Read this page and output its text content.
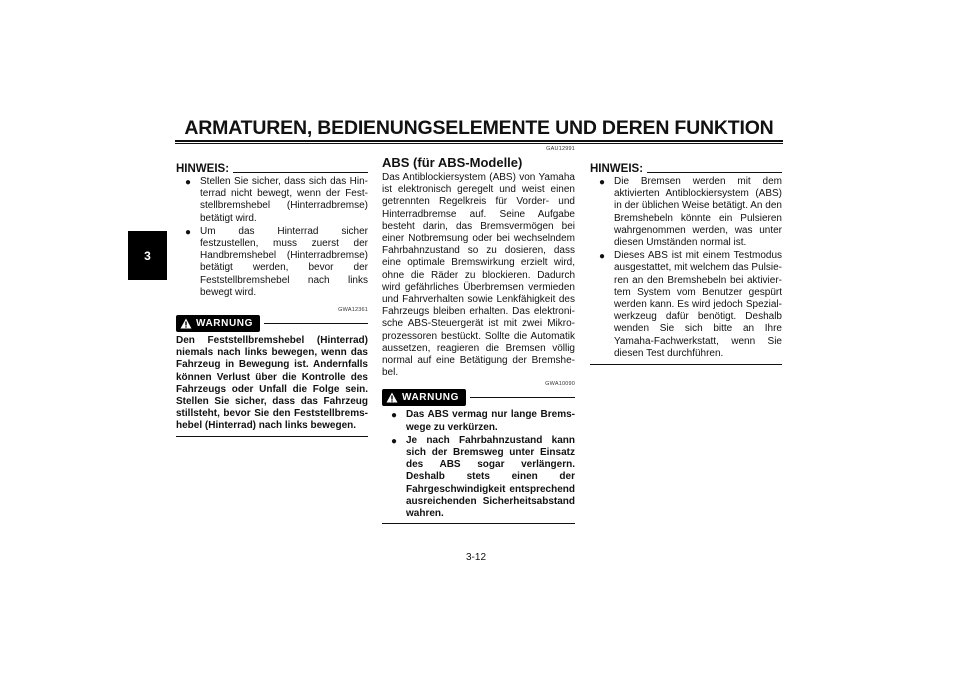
ARMATUREN, BEDIENUNGSELEMENTE UND DEREN FUNKTION
3
HINWEIS:
● Stellen Sie sicher, dass sich das Hinterrad nicht bewegt, wenn der Feststellbremshebel (Hinterradbremse) betätigt wird.
● Um das Hinterrad sicher festzustellen, muss zuerst der Handbremshebel (Hinterradbremse) betätigt werden, bevor der Feststellbremshebel nach links bewegt wird.
GWA12361
WARNUNG
Den Feststellbremshebel (Hinterrad) niemals nach links bewegen, wenn das Fahrzeug in Bewegung ist. Andernfalls können Verlust über die Kontrolle des Fahrzeugs oder Unfall die Folge sein. Stellen Sie sicher, dass das Fahrzeug stillsteht, bevor Sie den Feststellbremshebel (Hinterrad) nach links bewegen.
GAU12991
ABS (für ABS-Modelle)
Das Antiblockiersystem (ABS) von Yamaha ist elektronisch geregelt und weist einen getrennten Regelkreis für Vorder- und Hinterradbremse auf. Seine Aufgabe besteht darin, das Bremsvermögen bei einer Notbremsung oder bei wechselndem Fahrbahnzustand so zu dosieren, dass eine optimale Bremswirkung erzielt wird, ohne die Räder zu blockieren. Dadurch wird gefährliches Überbremsen vermieden und Fahrverhalten sowie Lenkfähigkeit des Fahrzeugs bleiben erhalten. Das elektronische ABS-Steuergerät ist mit zwei Mikroprozessoren bestückt. Sollte die Automatik aussetzen, reagieren die Bremsen völlig normal auf eine Betätigung der Bremshebel.
GWA10090
WARNUNG
● Das ABS vermag nur lange Bremswege zu verkürzen.
● Je nach Fahrbahnzustand kann sich der Bremsweg unter Einsatz des ABS sogar verlängern. Deshalb stets einen der Fahrgeschwindigkeit entsprechend ausreichenden Sicherheitsabstand wahren.
HINWEIS:
● Die Bremsen werden mit dem aktivierten Antiblockiersystem (ABS) in der üblichen Weise betätigt. An den Bremshebeln könnte ein Pulsieren wahrgenommen werden, was unter diesen Umständen normal ist.
● Dieses ABS ist mit einem Testmodus ausgestattet, mit welchem das Pulsieren an den Bremshebeln bei aktiviertem System vom Benutzer gespürt werden kann. Es wird jedoch Spezialwerkzeug dafür benötigt. Deshalb wenden Sie sich bitte an Ihre Yamaha-Fachwerkstatt, wenn Sie diesen Test durchführen.
3-12
